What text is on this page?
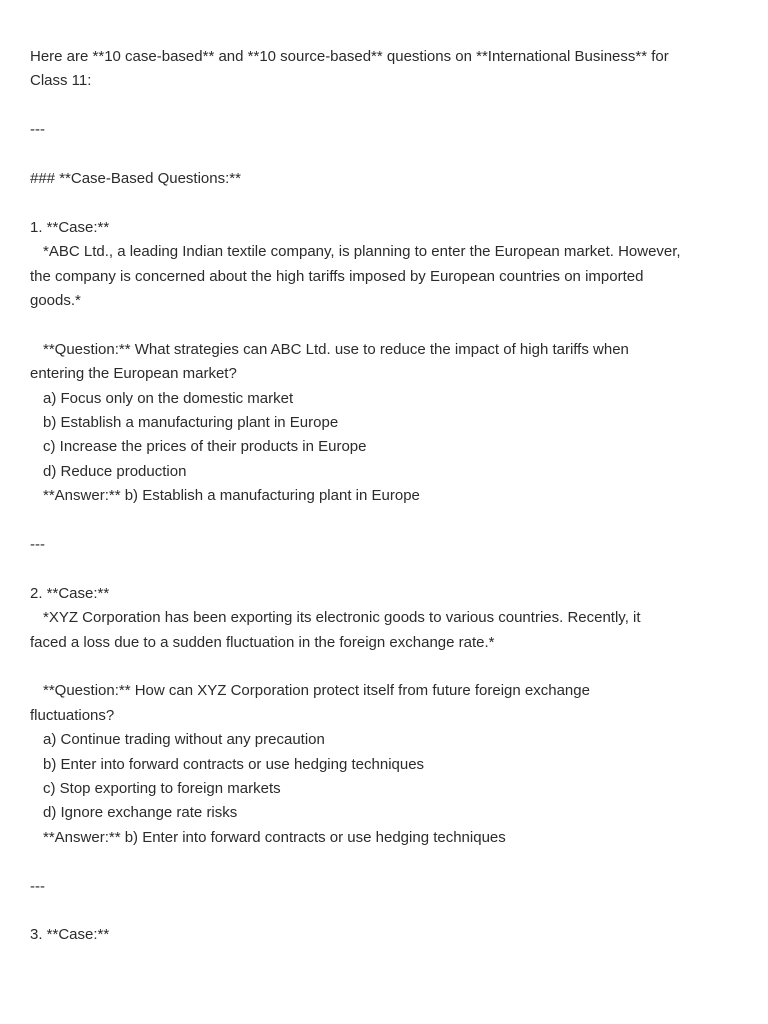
Here are **10 case-based** and **10 source-based** questions on **International Business** for
Class 11:
---
### **Case-Based Questions:**
1. **Case:**
*ABC Ltd., a leading Indian textile company, is planning to enter the European market. However,
the company is concerned about the high tariffs imposed by European countries on imported
goods.*
**Question:** What strategies can ABC Ltd. use to reduce the impact of high tariffs when
entering the European market?
a) Focus only on the domestic market
b) Establish a manufacturing plant in Europe
c) Increase the prices of their products in Europe
d) Reduce production
**Answer:** b) Establish a manufacturing plant in Europe
---
2. **Case:**
*XYZ Corporation has been exporting its electronic goods to various countries. Recently, it
faced a loss due to a sudden fluctuation in the foreign exchange rate.*
**Question:** How can XYZ Corporation protect itself from future foreign exchange
fluctuations?
a) Continue trading without any precaution
b) Enter into forward contracts or use hedging techniques
c) Stop exporting to foreign markets
d) Ignore exchange rate risks
**Answer:** b) Enter into forward contracts or use hedging techniques
---
3. **Case:**
